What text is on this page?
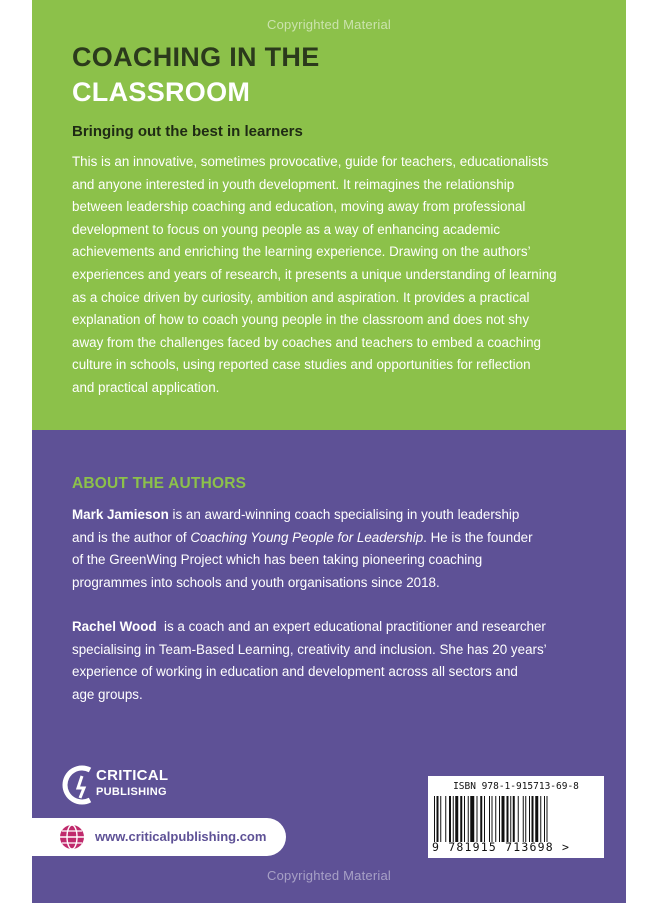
Copyrighted Material
COACHING IN THE
CLASSROOM
Bringing out the best in learners

This is an innovative, sometimes provocative, guide for teachers, educationalists
and anyone interested in youth development. It reimagines the relationship
between leadership coaching and education, moving away from professional
development to focus on young people as a way of enhancing academic
achievements and enriching the learning experience. Drawing on the authors’
experiences and years of research, it presents a unique understanding of learning
as a choice driven by curiosity, ambition and aspiration. It provides a practical
explanation of how to coach young people in the classroom and does not shy
away from the challenges faced by coaches and teachers to embed a coaching
culture in schools, using reported case studies and opportunities for reflection
and practical application.

ABOUT THE AUTHORS

Mark Jamieson is an award-winning coach specialising in youth leadership
and is the author of Coaching Young People for Leadership. He is the founder
of the GreenWing Project which has been taking pioneering coaching
programmes into schools and youth organisations since 2018.

Rachel Wood  is a coach and an expert educational practitioner and researcher
specialising in Team-Based Learning, creativity and inclusion. She has 20 years’
experience of working in education and development across all sectors and
age groups.

CRITICAL
PUBLISHING
www.criticalpublishing.com
ISBN 978-1-915713-69-8
9 781915 713698 >
Copyrighted Material
